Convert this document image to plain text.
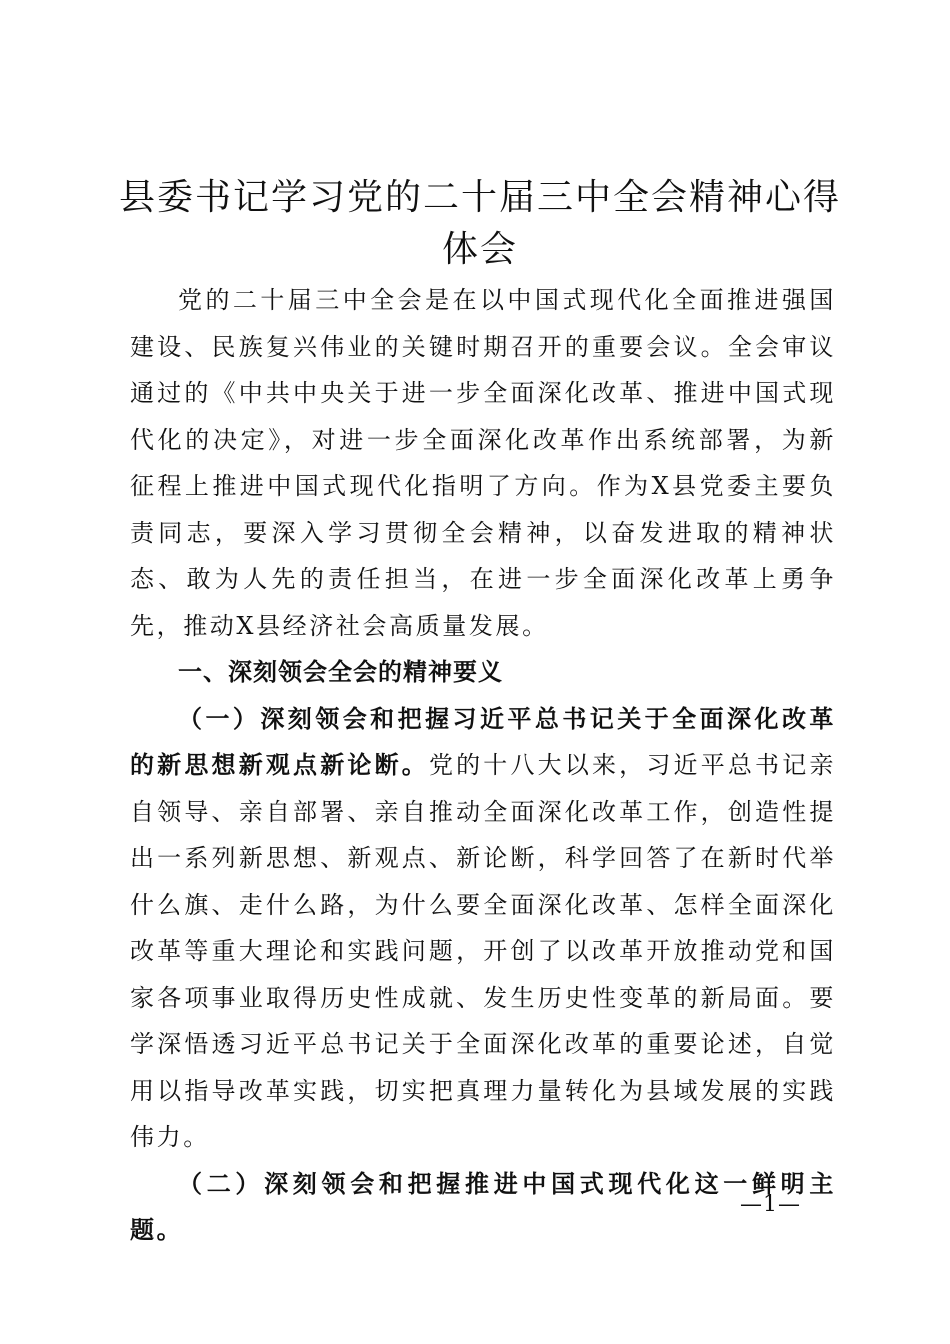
县委书记学习党的二十届三中全会精神心得体会

党的二十届三中全会是在以中国式现代化全面推进强国建设、民族复兴伟业的关键时期召开的重要会议。全会审议通过的《中共中央关于进一步全面深化改革、推进中国式现代化的决定》，对进一步全面深化改革作出系统部署，为新征程上推进中国式现代化指明了方向。作为X县党委主要负责同志，要深入学习贯彻全会精神，以奋发进取的精神状态、敢为人先的责任担当，在进一步全面深化改革上勇争先，推动X县经济社会高质量发展。

一、深刻领会全会的精神要义

（一）深刻领会和把握习近平总书记关于全面深化改革的新思想新观点新论断。党的十八大以来，习近平总书记亲自领导、亲自部署、亲自推动全面深化改革工作，创造性提出一系列新思想、新观点、新论断，科学回答了在新时代举什么旗、走什么路，为什么要全面深化改革、怎样全面深化改革等重大理论和实践问题，开创了以改革开放推动党和国家各项事业取得历史性成就、发生历史性变革的新局面。要学深悟透习近平总书记关于全面深化改革的重要论述，自觉用以指导改革实践，切实把真理力量转化为县域发展的实践伟力。

（二）深刻领会和把握推进中国式现代化这一鲜明主题。

—1—
